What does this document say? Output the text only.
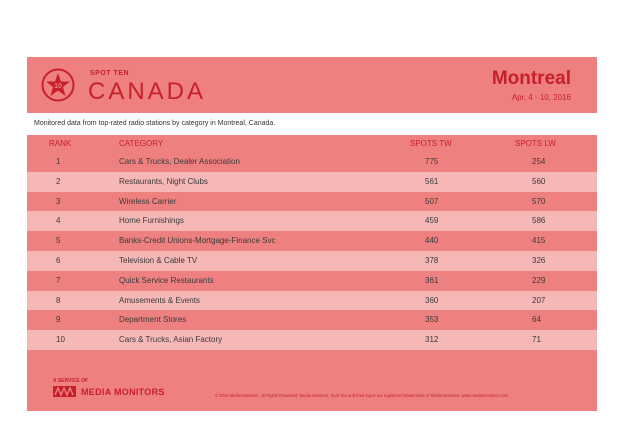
10
SPOT TEN
CANADA	Montreal
Apr. 4 - 10, 2016
Monitored data from top-rated radio stations by category in Montreal, Canada.
RANK	CATEGORY	SPOTS TW	SPOTS LW
1	Cars & Trucks, Dealer Association	775	254
2	Restaurants, Night Clubs	561	560
3	Wireless Carrier	507	570
4	Home Furnishings	459	586
5	Banks-Credit Unions-Mortgage-Finance Svc	440	415
6	Television & Cable TV	378	326
7	Quick Service Restaurants	361	229
8	Amusements & Events	360	207
9	Department Stores	353	64
10	Cars & Trucks, Asian Factory	312	71
A SERVICE OF
MEDIA MONITORS	© 2016 Media Monitors. All Rights Reserved. Media Monitors, Spot Ten and their logos are registered trademarks of Media Monitors. www.mediamonitors.com
